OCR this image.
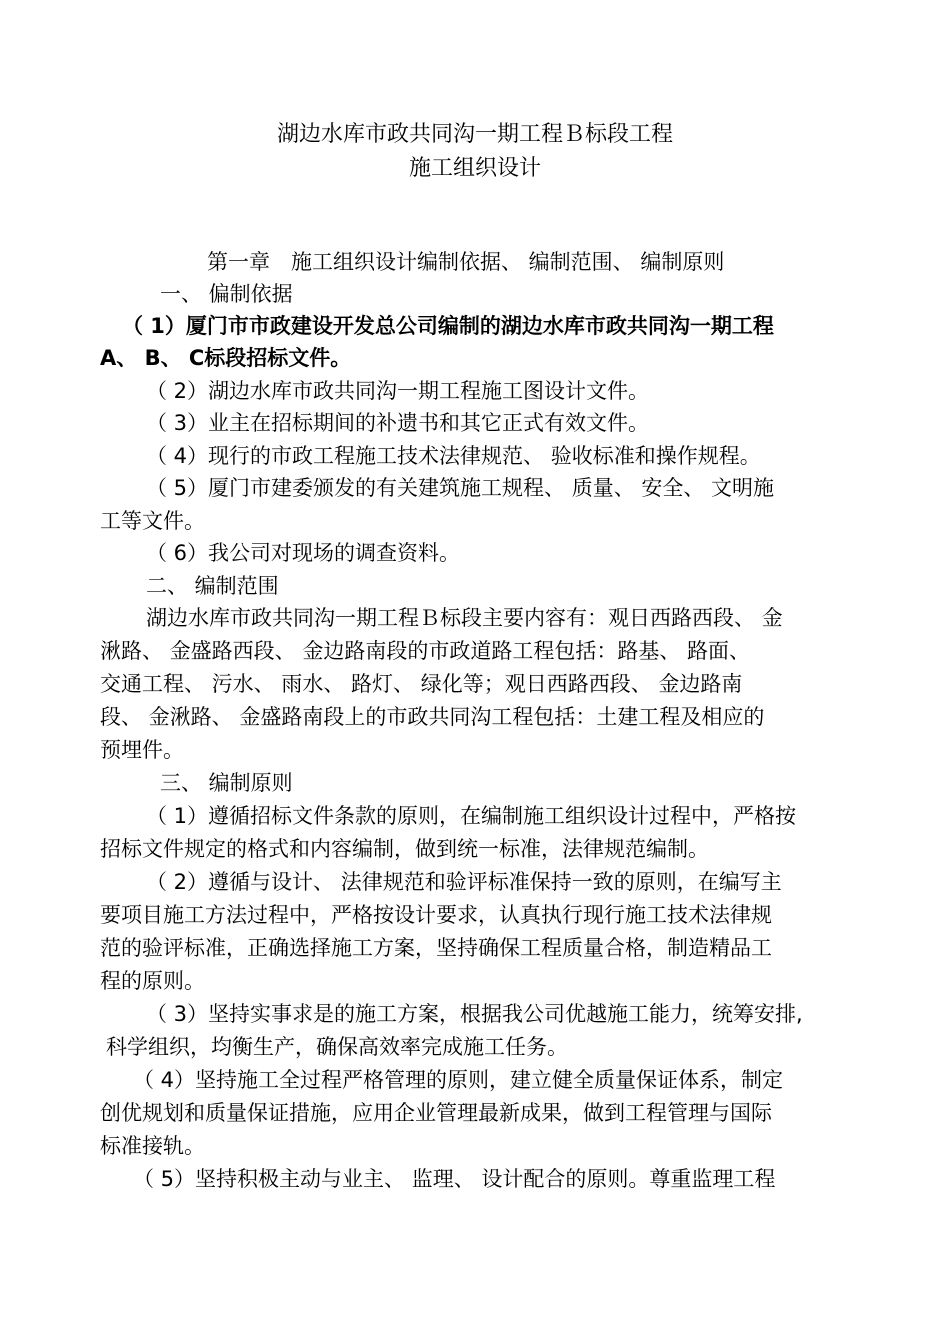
湖边水库市政共同沟一期工程Ｂ标段工程
施工组织设计
第一章　施工组织设计编制依据、 编制范围、 编制原则
一、 偏制依据
（ 1）厦门市市政建设开发总公司编制的湖边水库市政共同沟一期工程
A、 B、 C标段招标文件。
（ 2）湖边水库市政共同沟一期工程施工图设计文件。
（ 3）业主在招标期间的补遗书和其它正式有效文件。
（ 4）现行的市政工程施工技术法律规范、 验收标准和操作规程。
（ 5）厦门市建委颁发的有关建筑施工规程、 质量、 安全、 文明施
工等文件。
（ 6）我公司对现场的调查资料。
二、 编制范围
湖边水库市政共同沟一期工程Ｂ标段主要内容有：观日西路西段、 金
湫路、 金盛路西段、 金边路南段的市政道路工程包括：路基、 路面、
交通工程、 污水、 雨水、 路灯、 绿化等；观日西路西段、 金边路南
段、 金湫路、 金盛路南段上的市政共同沟工程包括：土建工程及相应的
预埋件。
三、 编制原则
（ 1）遵循招标文件条款的原则，在编制施工组织设计过程中，严格按
招标文件规定的格式和内容编制，做到统一标准，法律规范编制。
（ 2）遵循与设计、 法律规范和验评标准保持一致的原则，在编写主
要项目施工方法过程中，严格按设计要求，认真执行现行施工技术法律规
范的验评标准，正确选择施工方案，坚持确保工程质量合格，制造精品工
程的原则。
（ 3）坚持实事求是的施工方案，根据我公司优越施工能力，统筹安排,
科学组织，均衡生产，确保高效率完成施工任务。
（ 4）坚持施工全过程严格管理的原则，建立健全质量保证体系，制定
创优规划和质量保证措施，应用企业管理最新成果，做到工程管理与国际
标准接轨。
（ 5）坚持积极主动与业主、 监理、 设计配合的原则。尊重监理工程
